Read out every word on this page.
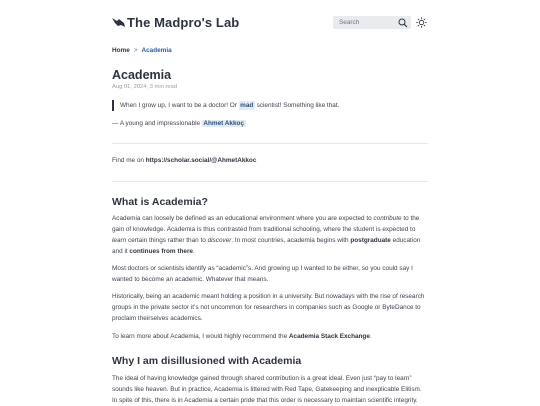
The Madpro's Lab
Search
Home > Academia
Academia
Aug 01, 2024, 3 min read
When I grow up, I want to be a doctor! Or
mad
scientist! Something like that.
— A young and impressionable Ahmet Akkoç
Find me on https://scholar.social/@AhmetAkkoc
What is Academia?

Academia can loosely be defined as an educational environment where you are expected to contribute to the gain of knowledge. Academia is thus contrasted from traditional schooling, where the student is expected to learn certain things rather than to discover. In most countries, academia begins with postgraduate education and it continues from there.

Most doctors or scientists identify as “academic”s. And growing up I wanted to be either, so you could say I wanted to become an academic. Whatever that means.

Historically, being an academic meant holding a position in a university. But nowadays with the rise of research groups in the private sector it’s not uncommon for researchers in companies such as Google or ByteDance to proclaim theirselves academics.

To learn more about Academia, I would highly recommend the Academia Stack Exchange.

Why I am disillusioned with Academia

The ideal of having knowledge gained through shared contribution is a great ideal. Even just “pay to learn” sounds like heaven. But in practice, Academia is littered with Red Tape, Gatekeeping and inexplicable Elitism. In spite of this, there is in Academia a certain pride that this order is necessary to maintain scientific integrity.
